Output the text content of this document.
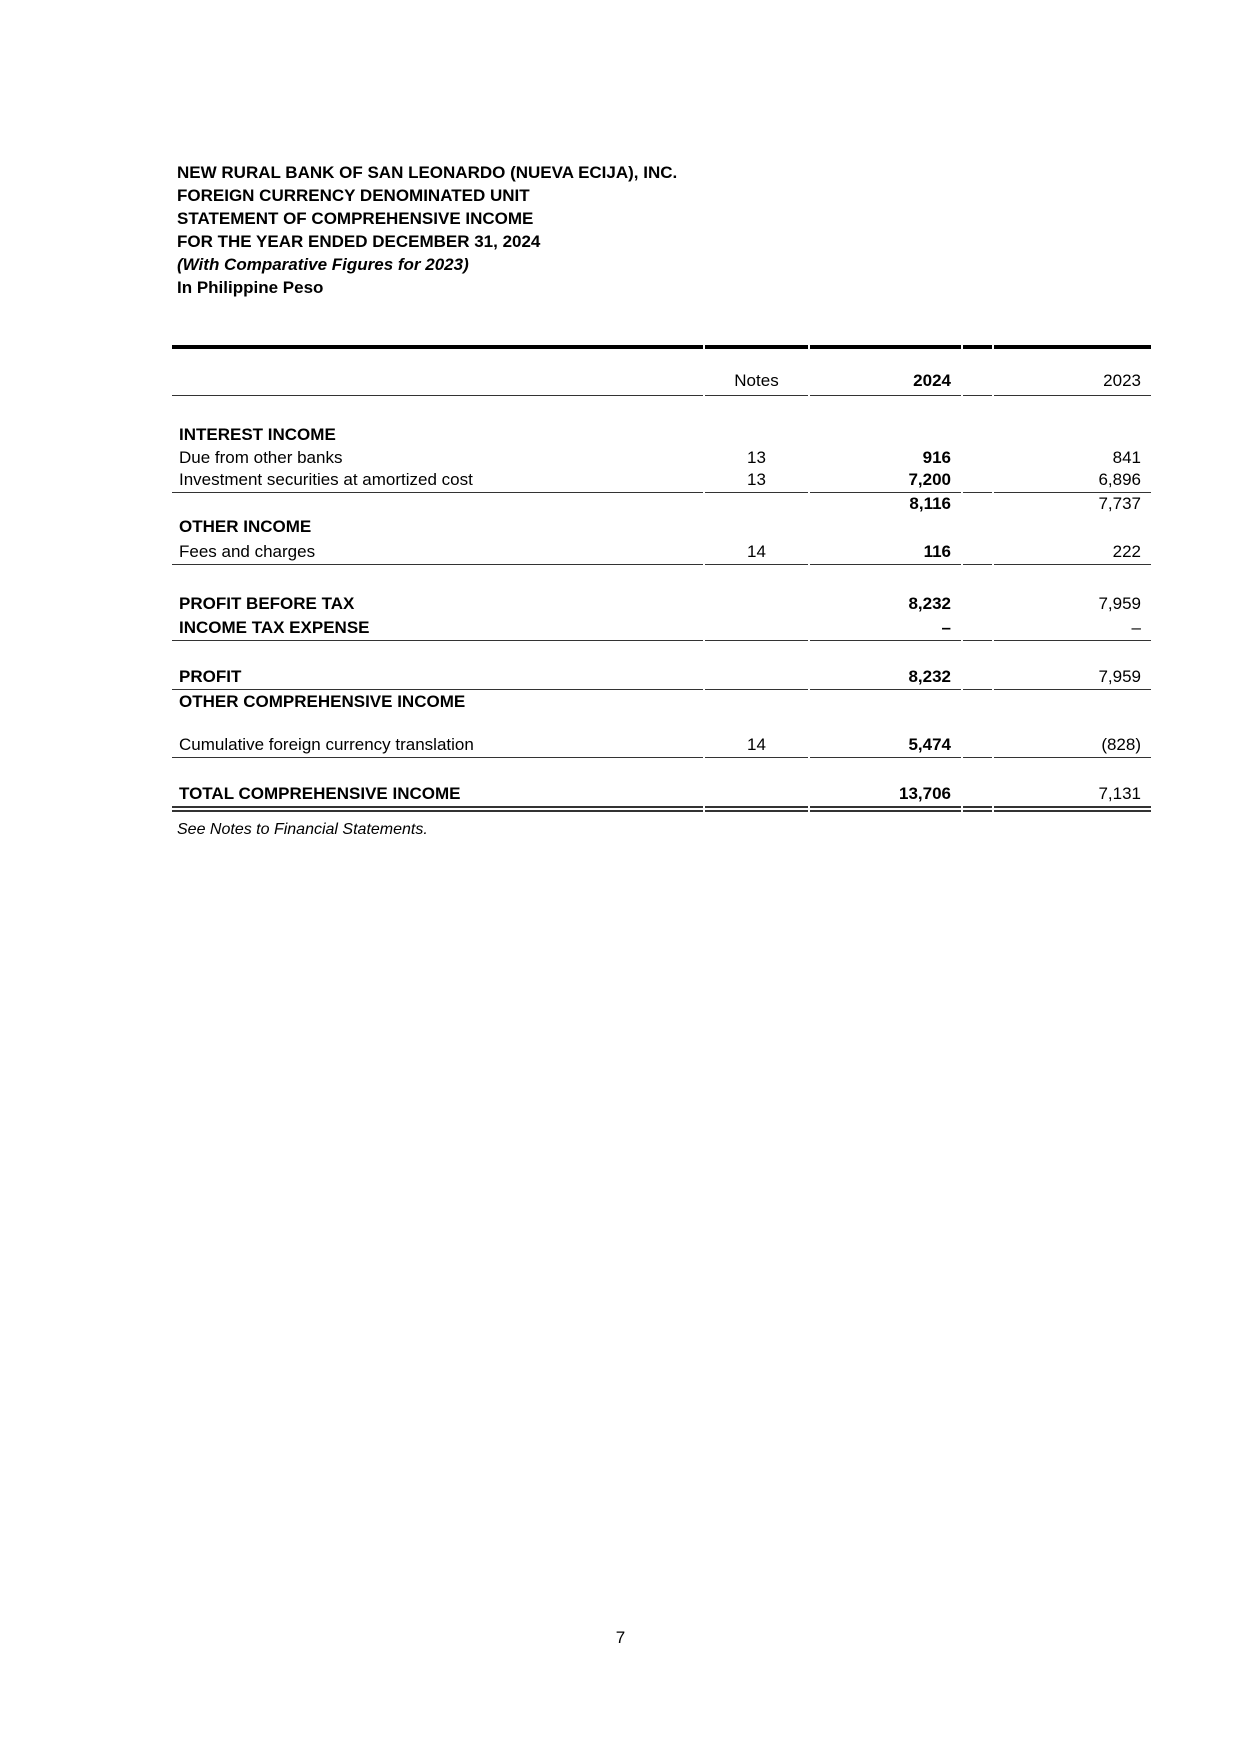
NEW RURAL BANK OF SAN LEONARDO (NUEVA ECIJA), INC.
FOREIGN CURRENCY DENOMINATED UNIT
STATEMENT OF COMPREHENSIVE INCOME
FOR THE YEAR ENDED DECEMBER 31, 2024
(With Comparative Figures for 2023)
In Philippine Peso
	Notes	2024		2023

INTEREST INCOME				
Due from other banks	13	916		841
Investment securities at amortized cost	13	7,200		6,896
		8,116		7,737
OTHER INCOME				
Fees and charges	14	116		222

PROFIT BEFORE TAX		8,232		7,959
INCOME TAX EXPENSE		–		–

PROFIT		8,232		7,959
OTHER COMPREHENSIVE INCOME				

Cumulative foreign currency translation	14	5,474		(828)

TOTAL COMPREHENSIVE INCOME		13,706		7,131
See Notes to Financial Statements.
7
